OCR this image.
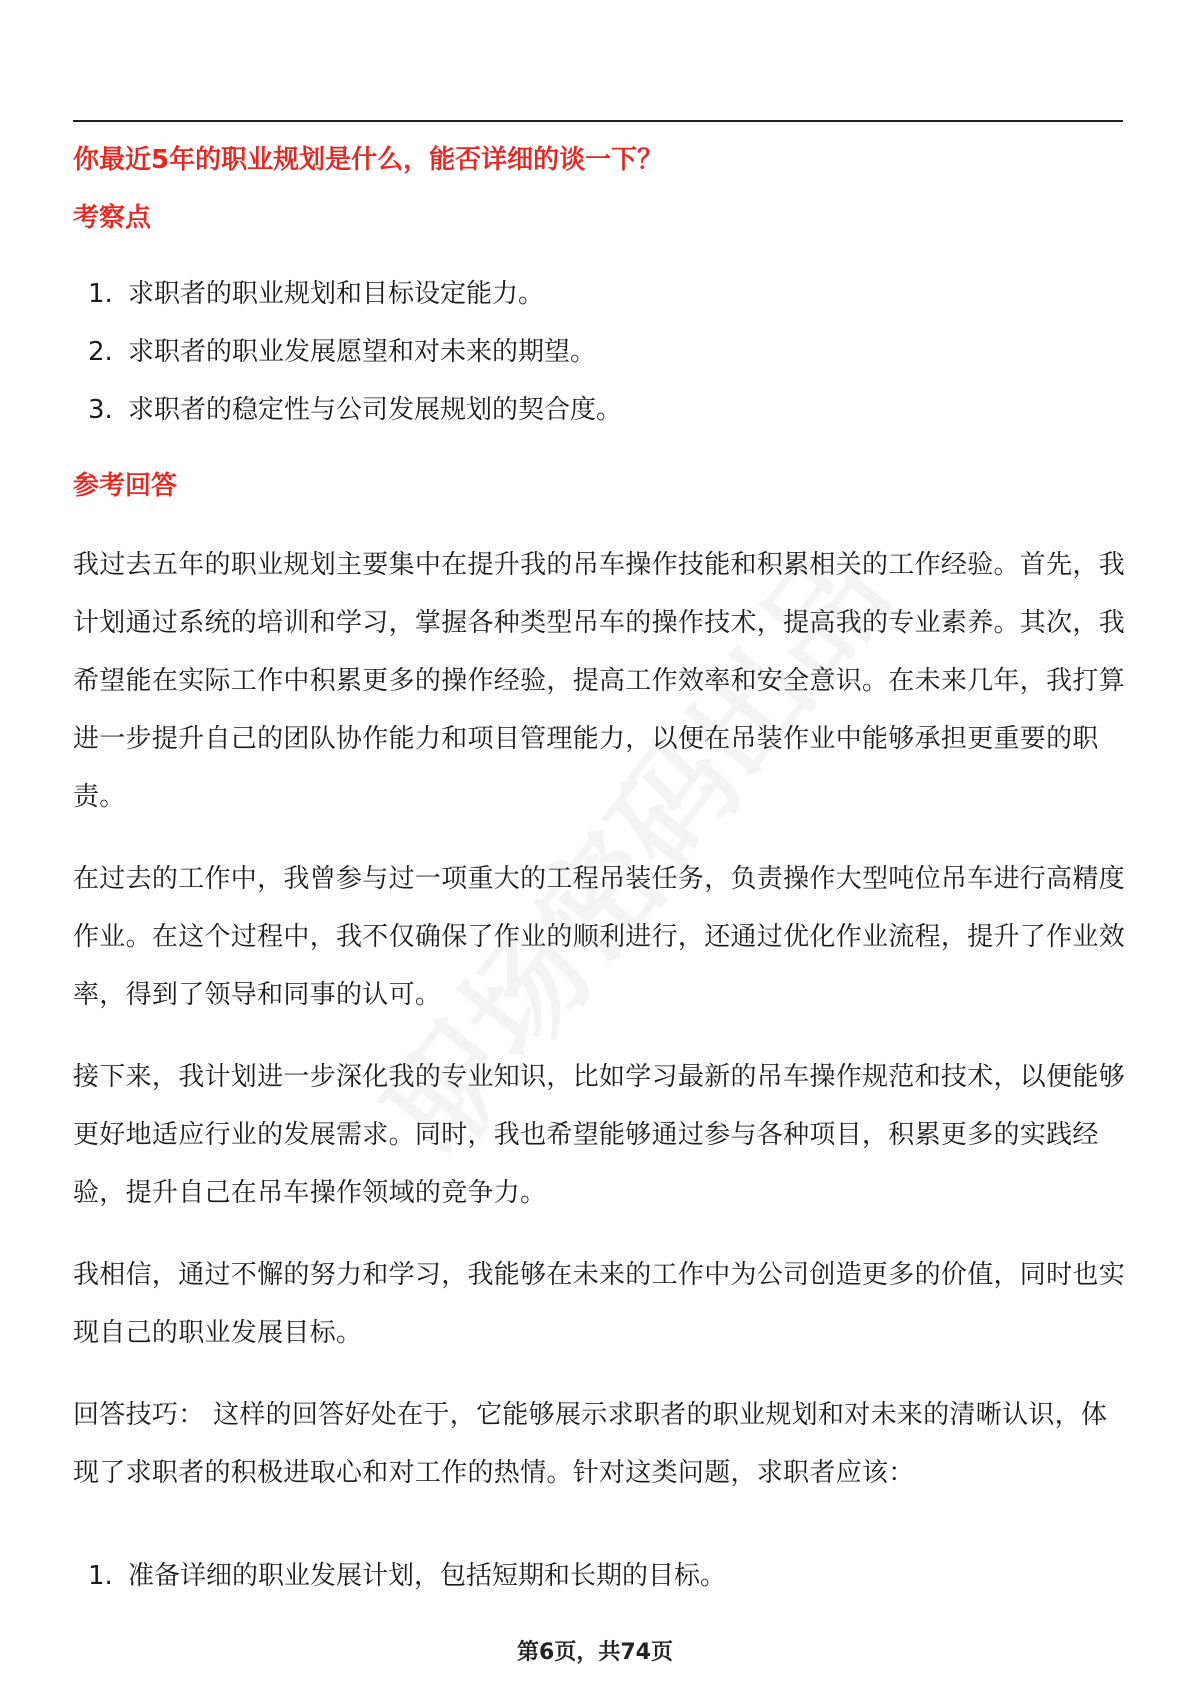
你最近5年的职业规划是什么，能否详细的谈一下？
考察点
1. 求职者的职业规划和目标设定能力。
2. 求职者的职业发展愿望和对未来的期望。
3. 求职者的稳定性与公司发展规划的契合度。
参考回答

我过去五年的职业规划主要集中在提升我的吊车操作技能和积累相关的工作经验。首先，我计划通过系统的培训和学习，掌握各种类型吊车的操作技术，提高我的专业素养。其次，我希望能在实际工作中积累更多的操作经验，提高工作效率和安全意识。在未来几年，我打算进一步提升自己的团队协作能力和项目管理能力，以便在吊装作业中能够承担更重要的职责。

在过去的工作中，我曾参与过一项重大的工程吊装任务，负责操作大型吨位吊车进行高精度作业。在这个过程中，我不仅确保了作业的顺利进行，还通过优化作业流程，提升了作业效率，得到了领导和同事的认可。

接下来，我计划进一步深化我的专业知识，比如学习最新的吊车操作规范和技术，以便能够更好地适应行业的发展需求。同时，我也希望能够通过参与各种项目，积累更多的实践经验，提升自己在吊车操作领域的竞争力。

我相信，通过不懈的努力和学习，我能够在未来的工作中为公司创造更多的价值，同时也实现自己的职业发展目标。

回答技巧： 这样的回答好处在于，它能够展示求职者的职业规划和对未来的清晰认识，体现了求职者的积极进取心和对工作的热情。针对这类问题，求职者应该：

1. 准备详细的职业发展计划，包括短期和长期的目标。
第6页，共74页
